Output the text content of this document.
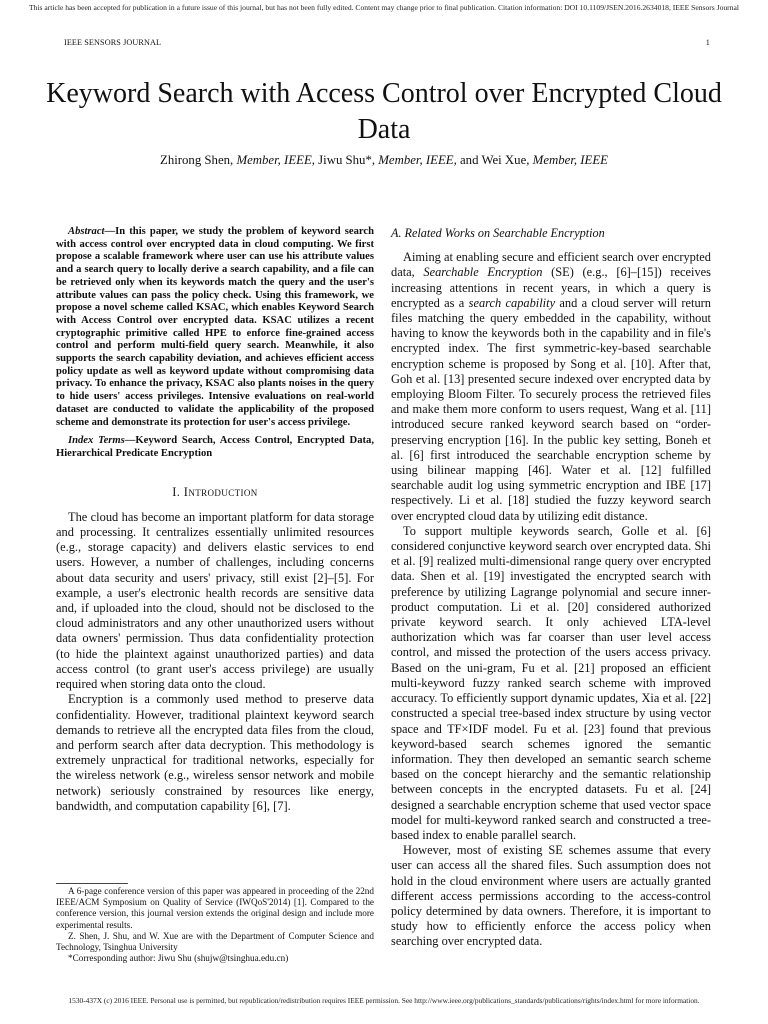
This article has been accepted for publication in a future issue of this journal, but has not been fully edited. Content may change prior to final publication. Citation information: DOI 10.1109/JSEN.2016.2634018, IEEE Sensors Journal
IEEE SENSORS JOURNAL	1
Keyword Search with Access Control over Encrypted Cloud Data
Zhirong Shen, Member, IEEE, Jiwu Shu*, Member, IEEE, and Wei Xue, Member, IEEE

Abstract—In this paper, we study the problem of keyword search with access control over encrypted data in cloud computing. We first propose a scalable framework where user can use his attribute values and a search query to locally derive a search capability, and a file can be retrieved only when its keywords match the query and the user's attribute values can pass the policy check. Using this framework, we propose a novel scheme called KSAC, which enables Keyword Search with Access Control over encrypted data. KSAC utilizes a recent cryptographic primitive called HPE to enforce fine-grained access control and perform multi-field query search. Meanwhile, it also supports the search capability deviation, and achieves efficient access policy update as well as keyword update without compromising data privacy. To enhance the privacy, KSAC also plants noises in the query to hide users' access privileges. Intensive evaluations on real-world dataset are conducted to validate the applicability of the proposed scheme and demonstrate its protection for user's access privilege.

Index Terms—Keyword Search, Access Control, Encrypted Data, Hierarchical Predicate Encryption

I. Introduction

The cloud has become an important platform for data storage and processing. It centralizes essentially unlimited resources (e.g., storage capacity) and delivers elastic services to end users. However, a number of challenges, including concerns about data security and users' privacy, still exist [2]–[5]. For example, a user's electronic health records are sensitive data and, if uploaded into the cloud, should not be disclosed to the cloud administrators and any other unauthorized users without data owners' permission. Thus data confidentiality protection (to hide the plaintext against unauthorized parties) and data access control (to grant user's access privilege) are usually required when storing data onto the cloud.

Encryption is a commonly used method to preserve data confidentiality. However, traditional plaintext keyword search demands to retrieve all the encrypted data files from the cloud, and perform search after data decryption. This methodology is extremely unpractical for traditional networks, especially for the wireless network (e.g., wireless sensor network and mobile network) seriously constrained by resources like energy, bandwidth, and computation capability [6], [7].

A 6-page conference version of this paper was appeared in proceeding of the 22nd IEEE/ACM Symposium on Quality of Service (IWQoS'2014) [1]. Compared to the conference version, this journal version extends the original design and include more experimental results.

Z. Shen, J. Shu, and W. Xue are with the Department of Computer Science and Technology, Tsinghua University

*Corresponding author: Jiwu Shu (shujw@tsinghua.edu.cn)

A. Related Works on Searchable Encryption

Aiming at enabling secure and efficient search over encrypted data, Searchable Encryption (SE) (e.g., [6]–[15]) receives increasing attentions in recent years, in which a query is encrypted as a search capability and a cloud server will return files matching the query embedded in the capability, without having to know the keywords both in the capability and in file's encrypted index. The first symmetric-key-based searchable encryption scheme is proposed by Song et al. [10]. After that, Goh et al. [13] presented secure indexed over encrypted data by employing Bloom Filter. To securely process the retrieved files and make them more conform to users request, Wang et al. [11] introduced secure ranked keyword search based on “order-preserving encryption [16]. In the public key setting, Boneh et al. [6] first introduced the searchable encryption scheme by using bilinear mapping [46]. Water et al. [12] fulfilled searchable audit log using symmetric encryption and IBE [17] respectively. Li et al. [18] studied the fuzzy keyword search over encrypted cloud data by utilizing edit distance.

To support multiple keywords search, Golle et al. [6] considered conjunctive keyword search over encrypted data. Shi et al. [9] realized multi-dimensional range query over encrypted data. Shen et al. [19] investigated the encrypted search with preference by utilizing Lagrange polynomial and secure inner-product computation. Li et al. [20] considered authorized private keyword search. It only achieved LTA-level authorization which was far coarser than user level access control, and missed the protection of the users access privacy. Based on the uni-gram, Fu et al. [21] proposed an efficient multi-keyword fuzzy ranked search scheme with improved accuracy. To efficiently support dynamic updates, Xia et al. [22] constructed a special tree-based index structure by using vector space and TF×IDF model. Fu et al. [23] found that previous keyword-based search schemes ignored the semantic information. They then developed an semantic search scheme based on the concept hierarchy and the semantic relationship between concepts in the encrypted datasets. Fu et al. [24] designed a searchable encryption scheme that used vector space model for multi-keyword ranked search and constructed a tree-based index to enable parallel search.

However, most of existing SE schemes assume that every user can access all the shared files. Such assumption does not hold in the cloud environment where users are actually granted different access permissions according to the access-control policy determined by data owners. Therefore, it is important to study how to efficiently enforce the access policy when searching over encrypted data.

1530-437X (c) 2016 IEEE. Personal use is permitted, but republication/redistribution requires IEEE permission. See http://www.ieee.org/publications_standards/publications/rights/index.html for more information.
